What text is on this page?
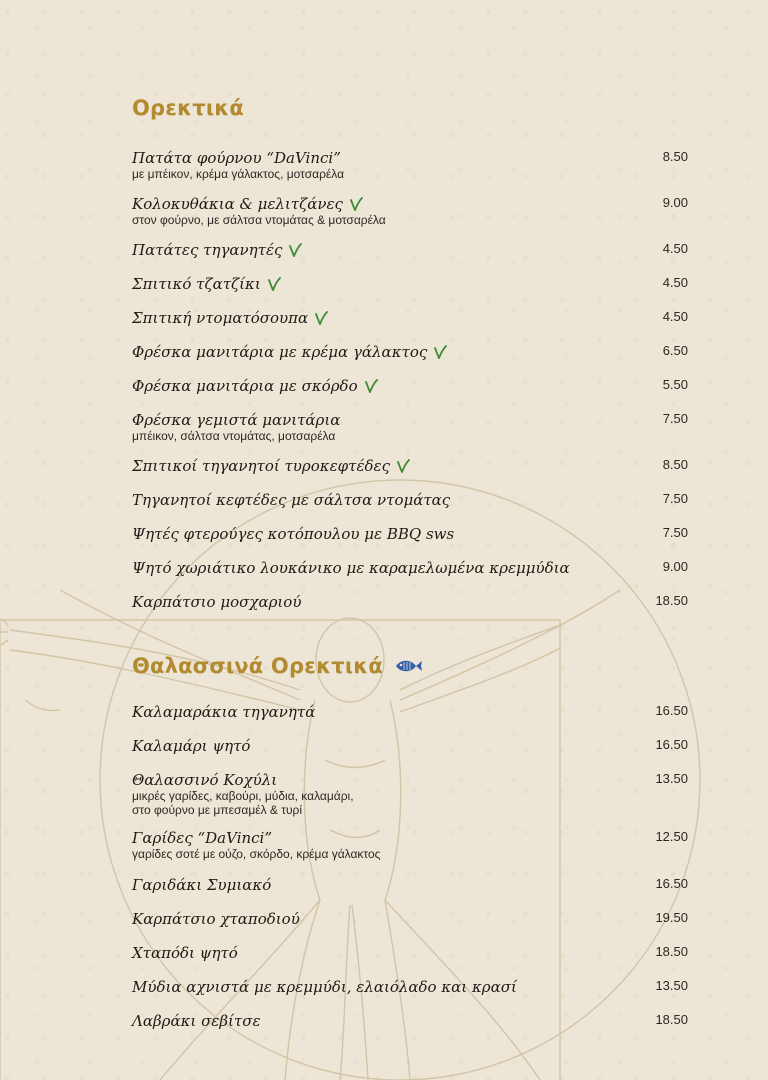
Ορεκτικά
Πατάτα φούρνου “DaVinci”
με μπέικον, κρέμα γάλακτος, μοτσαρέλα
8.50
Κολοκυθάκια & μελιτζάνες
στον φούρνο, με σάλτσα ντομάτας & μοτσαρέλα
9.00
Πατάτες τηγανητές	4.50
Σπιτικό τζατζίκι	4.50
Σπιτική ντοματόσουπα	4.50
Φρέσκα μανιτάρια με κρέμα γάλακτος	6.50
Φρέσκα μανιτάρια με σκόρδο	5.50
Φρέσκα γεμιστά μανιτάρια
μπέικον, σάλτσα ντομάτας, μοτσαρέλα
7.50
Σπιτικοί τηγανητοί τυροκεφτέδες	8.50
Τηγανητοί κεφτέδες με σάλτσα ντομάτας	7.50
Ψητές φτερούγες κοτόπουλου με BBQ sws	7.50
Ψητό χωριάτικο λουκάνικο με καραμελωμένα κρεμμύδια	9.00
Καρπάτσιο μοσχαριού	18.50
Θαλασσινά Ορεκτικά
Καλαμαράκια τηγανητά	16.50
Καλαμάρι ψητό	16.50
Θαλασσινό Κοχύλι
μικρές γαρίδες, καβούρι, μύδια, καλαμάρι,
στο φούρνο με μπεσαμέλ & τυρί
13.50
Γαρίδες “DaVinci”
γαρίδες σοτέ με ούζο, σκόρδο, κρέμα γάλακτος
12.50
Γαριδάκι Συμιακό	16.50
Καρπάτσιο χταποδιού	19.50
Χταπόδι ψητό	18.50
Μύδια αχνιστά με κρεμμύδι, ελαιόλαδο και κρασί	13.50
Λαβράκι σεβίτσε	18.50
